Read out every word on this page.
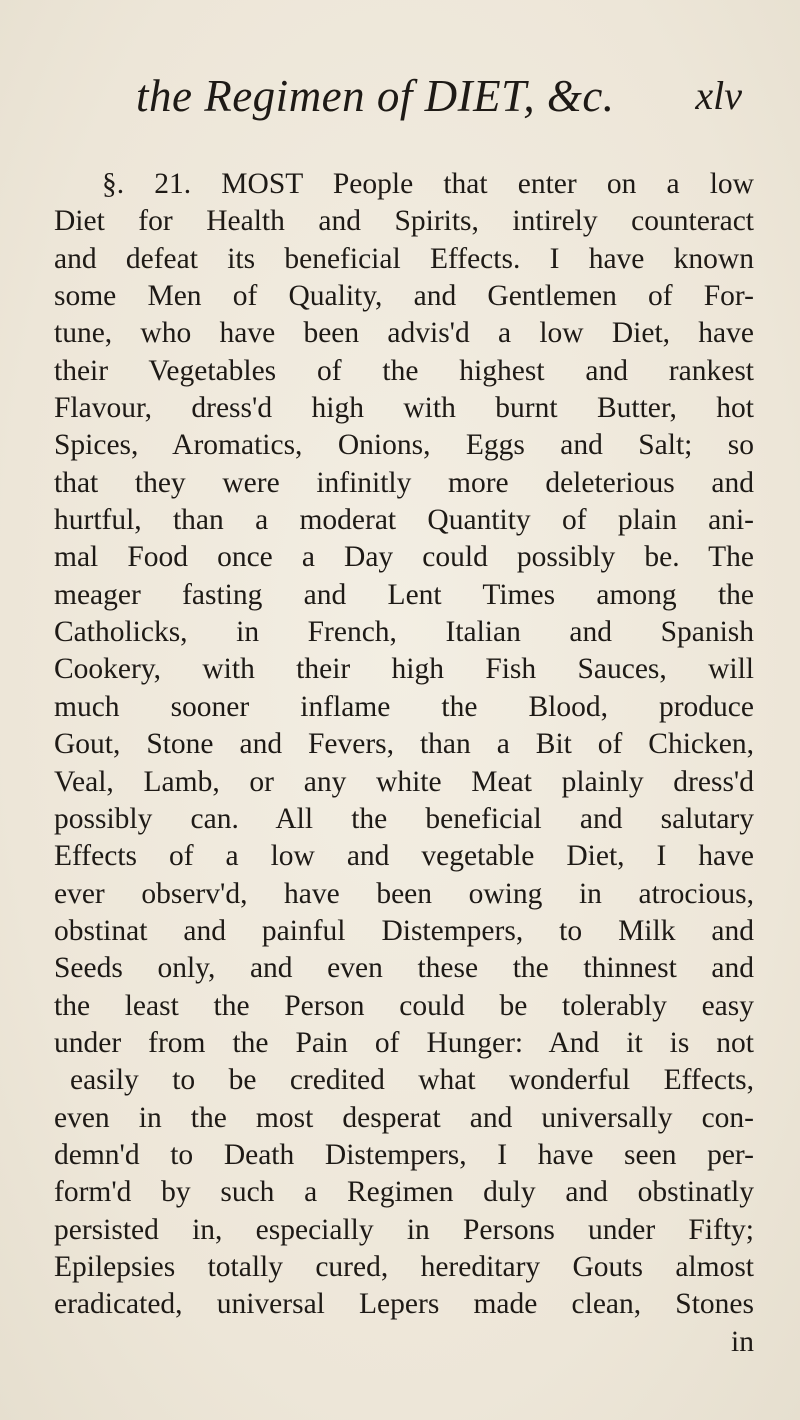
the Regimen of DIET, &c. xlv
§. 21. MOST People that enter on a low
Diet for Health and Spirits, intirely counteract
and defeat its beneficial Effects. I have known
some Men of Quality, and Gentlemen of For-
tune, who have been advis'd a low Diet, have
their Vegetables of the highest and rankest
Flavour, dress'd high with burnt Butter, hot
Spices, Aromatics, Onions, Eggs and Salt; so
that they were infinitly more deleterious and
hurtful, than a moderat Quantity of plain ani-
mal Food once a Day could possibly be. The
meager fasting and Lent Times among the
Catholicks, in French, Italian and Spanish
Cookery, with their high Fish Sauces, will
much sooner inflame the Blood, produce
Gout, Stone and Fevers, than a Bit of Chicken,
Veal, Lamb, or any white Meat plainly dress'd
possibly can. All the beneficial and salutary
Effects of a low and vegetable Diet, I have
ever observ'd, have been owing in atrocious,
obstinat and painful Distempers, to Milk and
Seeds only, and even these the thinnest and
the least the Person could be tolerably easy
under from the Pain of Hunger: And it is not
easily to be credited what wonderful Effects,
even in the most desperat and universally con-
demn'd to Death Distempers, I have seen per-
form'd by such a Regimen duly and obstinatly
persisted in, especially in Persons under Fifty;
Epilepsies totally cured, hereditary Gouts almost
eradicated, universal Lepers made clean, Stones
in
